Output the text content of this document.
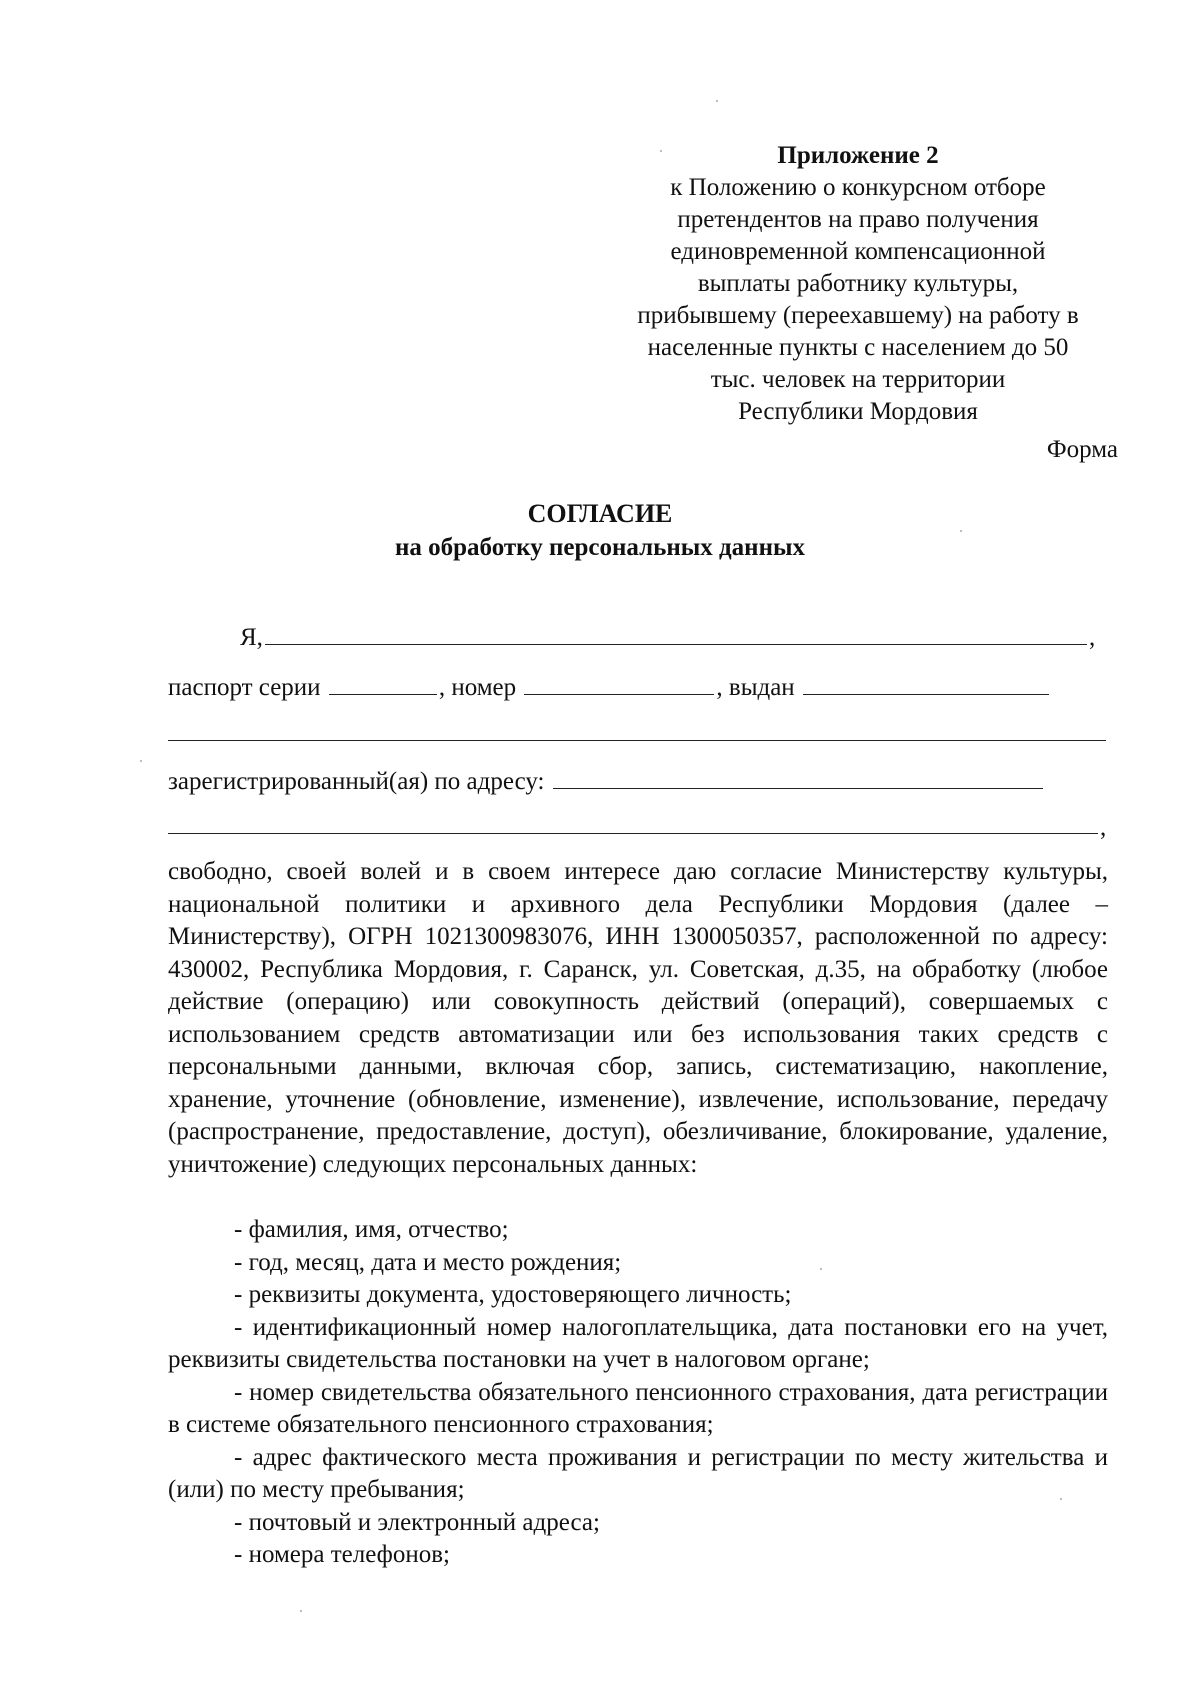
Приложение 2
к Положению о конкурсном отборе
претендентов на право получения
единовременной компенсационной
выплаты работнику культуры,
прибывшему (переехавшему) на работу в
населенные пункты с населением до 50
тыс. человек на территории
Республики Мордовия
Форма
СОГЛАСИЕ
на обработку персональных данных
Я,	,
паспорт серии	, номер	, выдан
зарегистрированный(ая) по адресу:
,

свободно, своей волей и в своем интересе даю согласие Министерству культуры, национальной политики и архивного дела Республики Мордовия (далее – Министерству), ОГРН 1021300983076, ИНН 1300050357, расположенной по адресу: 430002, Республика Мордовия, г. Саранск, ул. Советская, д.35, на обработку (любое действие (операцию) или совокупность действий (операций), совершаемых с использованием средств автоматизации или без использования таких средств с персональными данными, включая сбор, запись, систематизацию, накопление, хранение, уточнение (обновление, изменение), извлечение, использование, передачу (распространение, предоставление, доступ), обезличивание, блокирование, удаление, уничтожение) следующих персональных данных:

- фамилия, имя, отчество;

- год, месяц, дата и место рождения;

- реквизиты документа, удостоверяющего личность;

- идентификационный номер налогоплательщика, дата постановки его на учет, реквизиты свидетельства постановки на учет в налоговом органе;

- номер свидетельства обязательного пенсионного страхования, дата регистрации в системе обязательного пенсионного страхования;

- адрес фактического места проживания и регистрации по месту жительства и (или) по месту пребывания;

- почтовый и электронный адреса;

- номера телефонов;
